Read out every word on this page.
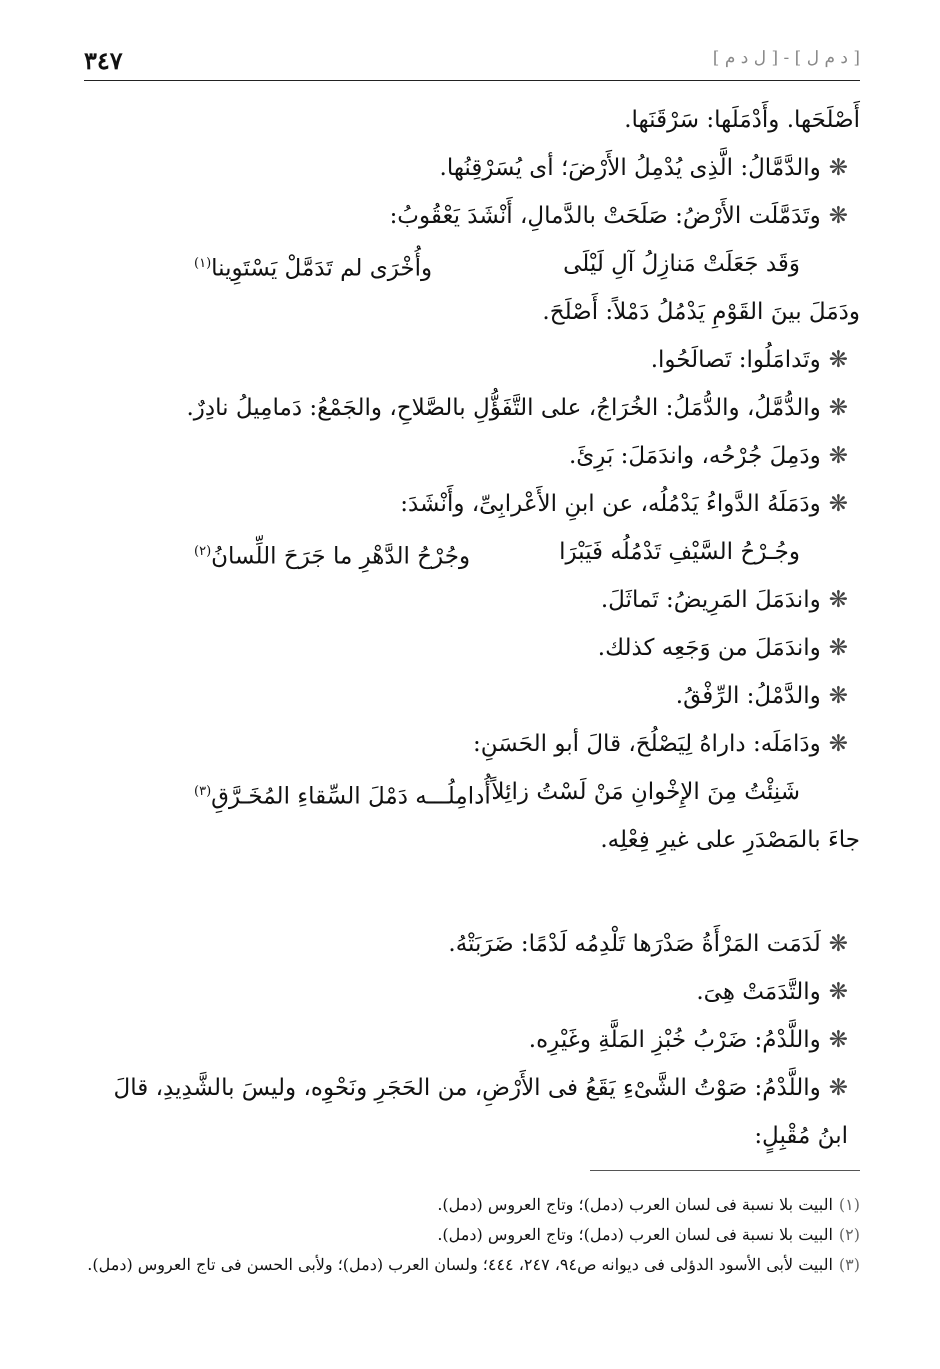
٣٤٧	[ د م ل ] - [ ل د م ]
أَصْلَحَها. وأَدْمَلَها: سَرْقَنَها.
❋والدَّمَّالُ: الَّذِى يُدْمِلُ الأَرْضَ؛ أى يُسَرْقِنُها.
❋وتَدَمَّلَت الأَرْضُ: صَلَحَتْ بالدَّمالِ، أَنْشَدَ يَعْقُوبُ:
وَقَد جَعَلَتْ مَنازِلُ آلِ لَيْلَى
وأُخْرَى لم تَدَمَّلْ يَسْتَوِينا$^{(١)}$
ودَمَلَ بينَ القَوْمِ يَدْمُلُ دَمْلاً: أَصْلَحَ.
❋وتَدامَلُوا: تَصالَحُوا.
❋والدُّمَّلُ، والدُّمَلُ: الخُرَاجُ، على التَّفَؤُّلِ بالصَّلاحِ، والجَمْعُ: دَمامِيلُ نادِرٌ.
❋ودَمِلَ جُرْحُه، واندَمَلَ: بَرِئَ.
❋ودَمَلَهُ الدَّواءُ يَدْمُلُه، عن ابنِ الأَعْرابِىِّ، وأَنْشَدَ:
وجُـرْحُ السَّيْفِ تَدْمُلُه فَيَبْرَا
وجُرْحُ الدَّهْرِ ما جَرَحَ اللِّسانُ$^{(٢)}$
❋واندَمَلَ المَرِيضُ: تَماثَلَ.
❋واندَمَلَ من وَجَعِه كذلك.
❋والدَّمْلُ: الرِّفْقُ.
❋ودَامَلَه: داراهُ لِيَصْلُحَ، قالَ أبو الحَسَنِ:
شَنِئْتُ مِنَ الإِخْوانِ مَنْ لَسْتُ زائِلاً
أُدامِلُـــه دَمْلَ السِّقاءِ المُخَـرَّقِ$^{(٣)}$
جاءَ بالمَصْدَرِ على غيرِ فِعْلِه.
❋لَدَمَت المَرْأَةُ صَدْرَها تَلْدِمُه لَدْمًا: ضَرَبَتْهُ.
❋والتَّدَمَتْ هِىَ.
❋واللَّدْمُ: ضَرْبُ خُبْزِ المَلَّةِ وغَيْرِه.
❋واللَّدْمُ: صَوْتُ الشَّىْءِ يَقَعُ فى الأَرْضِ، من الحَجَرِ ونَحْوِه، وليسَ بالشَّدِيدِ، قالَ ابنُ مُقْبِلٍ:
(١)البيت بلا نسبة فى لسان العرب (دمل)؛ وتاج العروس (دمل).
(٢)البيت بلا نسبة فى لسان العرب (دمل)؛ وتاج العروس (دمل).
(٣)البيت لأبى الأسود الدؤلى فى ديوانه ص٩٤، ٢٤٧، ٤٤٤؛ ولسان العرب (دمل)؛ ولأبى الحسن فى تاج العروس (دمل).
